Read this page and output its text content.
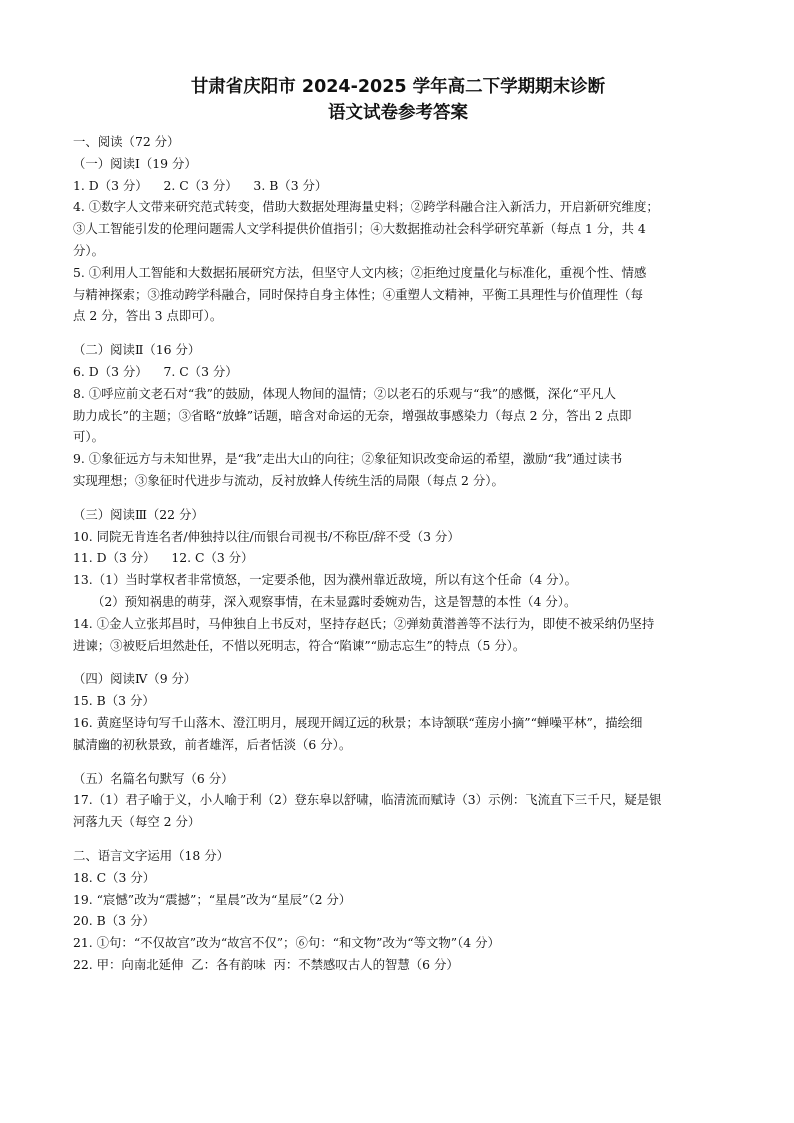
甘肃省庆阳市 2024-2025 学年高二下学期期末诊断
语文试卷参考答案

一、阅读（72 分）

（一）阅读Ⅰ（19 分）

1. D（3 分）    2. C（3 分）    3. B（3 分）

4. ①数字人文带来研究范式转变，借助大数据处理海量史料；②跨学科融合注入新活力，开启新研究维度；

③人工智能引发的伦理问题需人文学科提供价值指引；④大数据推动社会科学研究革新（每点 1 分，共 4

分）。

5. ①利用人工智能和大数据拓展研究方法，但坚守人文内核；②拒绝过度量化与标准化，重视个性、情感

与精神探索；③推动跨学科融合，同时保持自身主体性；④重塑人文精神，平衡工具理性与价值理性（每

点 2 分，答出 3 点即可）。

（二）阅读Ⅱ（16 分）

6. D（3 分）    7. C（3 分）

8. ①呼应前文老石对“我”的鼓励，体现人物间的温情；②以老石的乐观与“我”的感慨，深化“平凡人

助力成长”的主题；③省略“放蜂”话题，暗含对命运的无奈，增强故事感染力（每点 2 分，答出 2 点即

可）。

9. ①象征远方与未知世界，是“我”走出大山的向往；②象征知识改变命运的希望，激励“我”通过读书

实现理想；③象征时代进步与流动，反衬放蜂人传统生活的局限（每点 2 分）。

（三）阅读Ⅲ（22 分）

10. 同院无肯连名者/伸独持以往/而银台司视书/不称臣/辞不受（3 分）

11. D（3 分）    12. C（3 分）

13.（1）当时掌权者非常愤怒，一定要杀他，因为濮州靠近敌境，所以有这个任命（4 分）。

（2）预知祸患的萌芽，深入观察事情，在未显露时委婉劝告，这是智慧的本性（4 分）。

14. ①金人立张邦昌时，马伸独自上书反对，坚持存赵氏；②弹劾黄潜善等不法行为，即使不被采纳仍坚持

进谏；③被贬后坦然赴任，不惜以死明志，符合“陷谏”“励志忘生”的特点（5 分）。

（四）阅读Ⅳ（9 分）

15. B（3 分）

16. 黄庭坚诗句写千山落木、澄江明月，展现开阔辽远的秋景；本诗颔联“莲房小摘”“蝉噪平林”，描绘细

腻清幽的初秋景致，前者雄浑，后者恬淡（6 分）。

（五）名篇名句默写（6 分）

17.（1）君子喻于义，小人喻于利（2）登东皋以舒啸，临清流而赋诗（3）示例：飞流直下三千尺，疑是银

河落九天（每空 2 分）

二、语言文字运用（18 分）

18. C（3 分）

19. “宸憾”改为“震撼”；“星晨”改为“星辰”（2 分）

20. B（3 分）

21. ①句：“不仅故宫”改为“故宫不仅”；⑥句：“和文物”改为“等文物”（4 分）

22. 甲：向南北延伸  乙：各有韵味  丙：不禁感叹古人的智慧（6 分）
